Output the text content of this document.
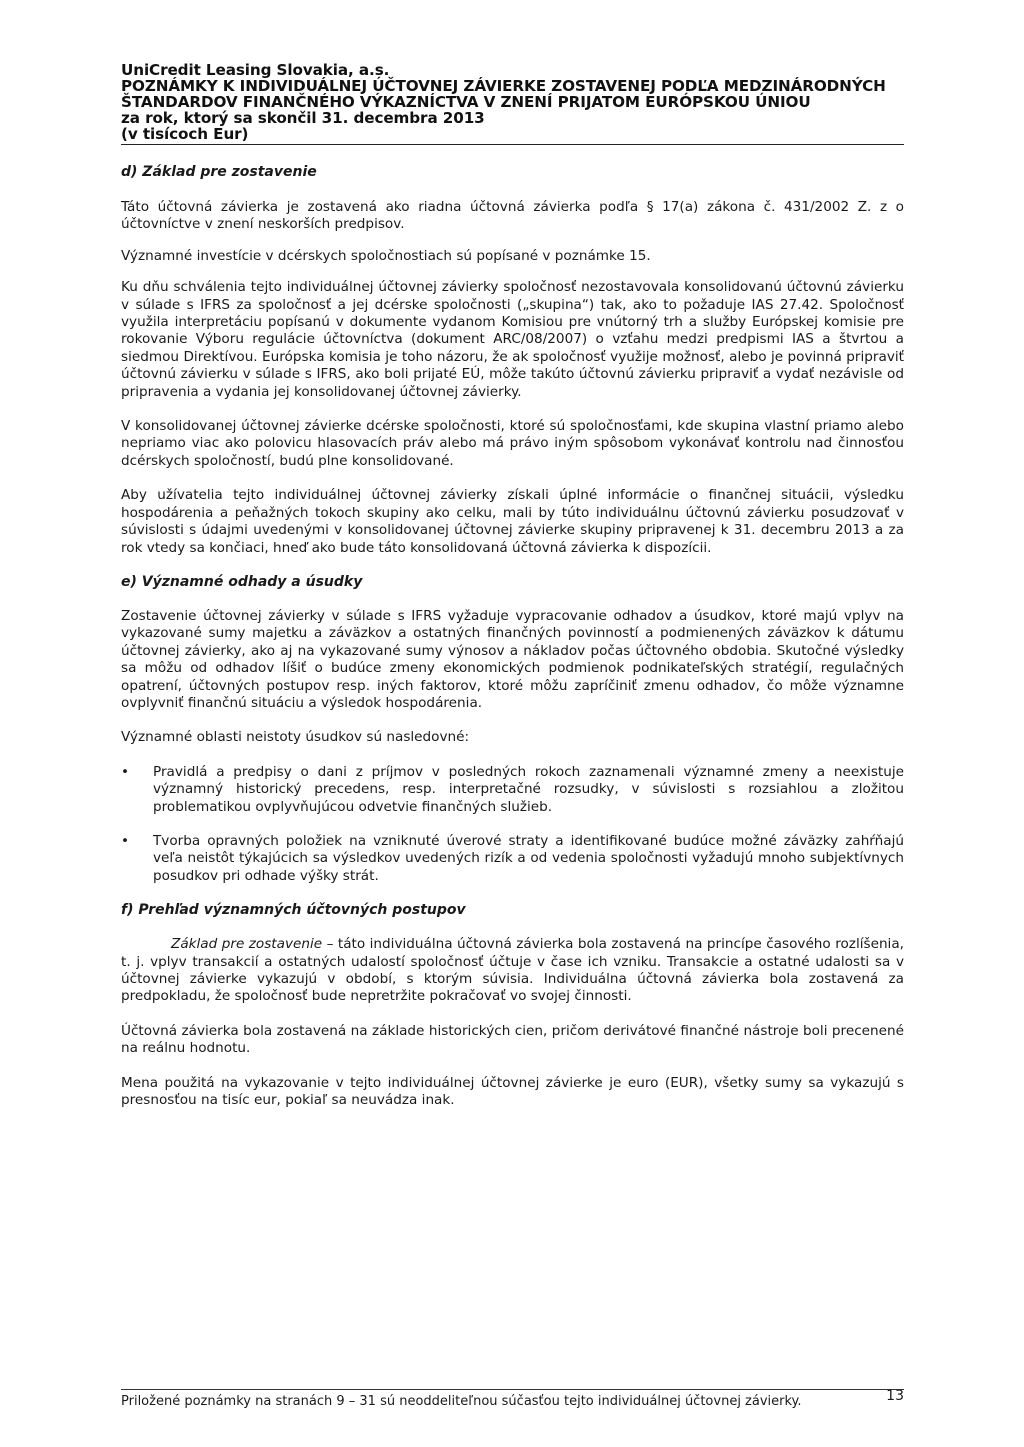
UniCredit Leasing Slovakia, a.s.
POZNÁMKY K INDIVIDUÁLNEJ ÚČTOVNEJ ZÁVIERKE ZOSTAVENEJ PODĽA MEDZINÁRODNÝCH
ŠTANDARDOV FINANČNÉHO VÝKAZNÍCTVA V ZNENÍ PRIJATOM EURÓPSKOU ÚNIOU
za rok, ktorý sa skončil 31. decembra 2013
(v tisícoch Eur)
d) Základ pre zostavenie

Táto účtovná závierka je zostavená ako riadna účtovná závierka podľa § 17(a) zákona č. 431/2002 Z. z o účtovníctve v znení neskorších predpisov.

Významné investície v dcérskych spoločnostiach sú popísané v poznámke 15.

Ku dňu schválenia tejto individuálnej účtovnej závierky spoločnosť nezostavovala konsolidovanú účtovnú závierku v súlade s IFRS za spoločnosť a jej dcérske spoločnosti („skupina“) tak, ako to požaduje IAS 27.42. Spoločnosť využila interpretáciu popísanú v dokumente vydanom Komisiou pre vnútorný trh a služby Európskej komisie pre rokovanie Výboru regulácie účtovníctva (dokument ARC/08/2007) o vzťahu medzi predpismi IAS a štvrtou a siedmou Direktívou. Európska komisia je toho názoru, že ak spoločnosť využije možnosť, alebo je povinná pripraviť účtovnú závierku v súlade s IFRS, ako boli prijaté EÚ, môže takúto účtovnú závierku pripraviť a vydať nezávisle od pripravenia a vydania jej konsolidovanej účtovnej závierky.

V konsolidovanej účtovnej závierke dcérske spoločnosti, ktoré sú spoločnosťami, kde skupina vlastní priamo alebo nepriamo viac ako polovicu hlasovacích práv alebo má právo iným spôsobom vykonávať kontrolu nad činnosťou dcérskych spoločností, budú plne konsolidované.

Aby užívatelia tejto individuálnej účtovnej závierky získali úplné informácie o finančnej situácii, výsledku hospodárenia a peňažných tokoch skupiny ako celku, mali by túto individuálnu účtovnú závierku posudzovať v súvislosti s údajmi uvedenými v konsolidovanej účtovnej závierke skupiny pripravenej k 31. decembru 2013 a za rok vtedy sa končiaci, hneď ako bude táto konsolidovaná účtovná závierka k dispozícii.

e) Významné odhady a úsudky

Zostavenie účtovnej závierky v súlade s IFRS vyžaduje vypracovanie odhadov a úsudkov, ktoré majú vplyv na vykazované sumy majetku a záväzkov a ostatných finančných povinností a podmienených záväzkov k dátumu účtovnej závierky, ako aj na vykazované sumy výnosov a nákladov počas účtovného obdobia. Skutočné výsledky sa môžu od odhadov líšiť o budúce zmeny ekonomických podmienok podnikateľských stratégií, regulačných opatrení, účtovných postupov resp. iných faktorov, ktoré môžu zapríčiniť zmenu odhadov, čo môže významne ovplyvniť finančnú situáciu a výsledok hospodárenia.

Významné oblasti neistoty úsudkov sú nasledovné:

• Pravidlá a predpisy o dani z príjmov v posledných rokoch zaznamenali významné zmeny a neexistuje významný historický precedens, resp. interpretačné rozsudky, v súvislosti s rozsiahlou a zložitou problematikou ovplyvňujúcou odvetvie finančných služieb.
• Tvorba opravných položiek na vzniknuté úverové straty a identifikované budúce možné záväzky zahŕňajú veľa neistôt týkajúcich sa výsledkov uvedených rizík a od vedenia spoločnosti vyžadujú mnoho subjektívnych posudkov pri odhade výšky strát.
f) Prehľad významných účtovných postupov

Základ pre zostavenie – táto individuálna účtovná závierka bola zostavená na princípe časového rozlíšenia, t. j. vplyv transakcií a ostatných udalostí spoločnosť účtuje v čase ich vzniku. Transakcie a ostatné udalosti sa v účtovnej závierke vykazujú v období, s ktorým súvisia. Individuálna účtovná závierka bola zostavená za predpokladu, že spoločnosť bude nepretržite pokračovať vo svojej činnosti.

Účtovná závierka bola zostavená na základe historických cien, pričom derivátové finančné nástroje boli precenené na reálnu hodnotu.

Mena použitá na vykazovanie v tejto individuálnej účtovnej závierke je euro (EUR), všetky sumy sa vykazujú s presnosťou na tisíc eur, pokiaľ sa neuvádza inak.

Priložené poznámky na stranách 9 – 31 sú neoddeliteľnou súčasťou tejto individuálnej účtovnej závierky.	13
